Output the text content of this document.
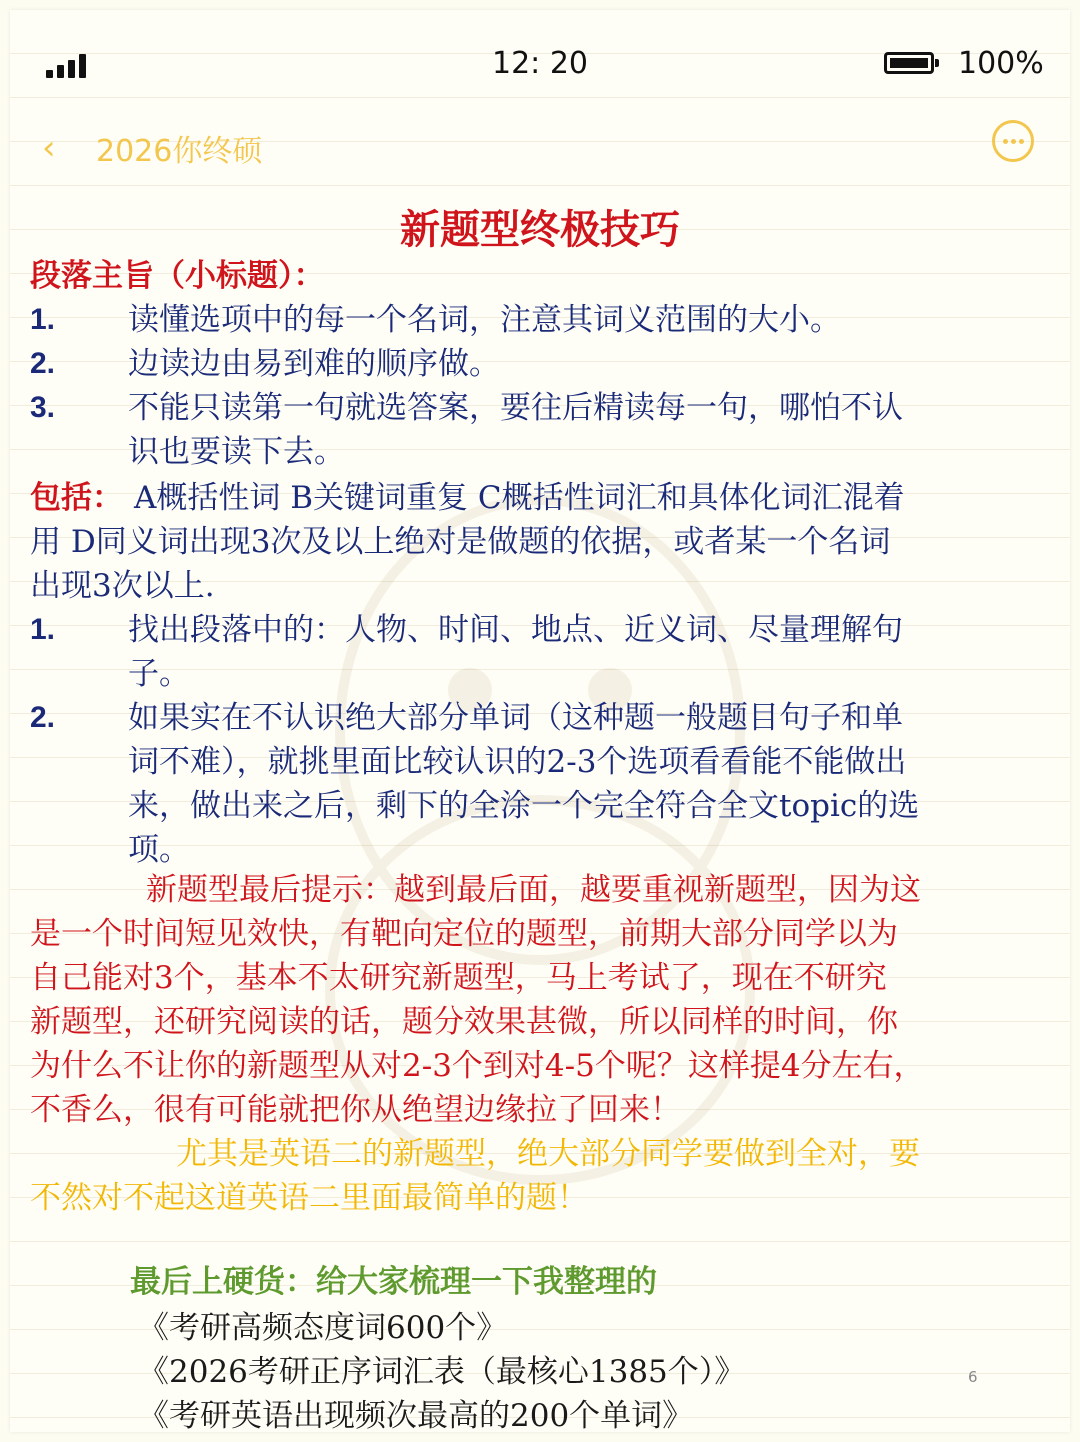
12: 20	100%
‹ 2026你终硕
新题型终极技巧
段落主旨（小标题）：
1. 读懂选项中的每一个名词，注意其词义范围的大小。
2. 边读边由易到难的顺序做。
3. 不能只读第一句就选答案，要往后精读每一句，哪怕不认
识也要读下去。
包括： A概括性词 B关键词重复 C概括性词汇和具体化词汇混着
用 D同义词出现3次及以上绝对是做题的依据，或者某一个名词
出现3次以上.
1. 找出段落中的：人物、时间、地点、近义词、尽量理解句
子。
2. 如果实在不认识绝大部分单词（这种题一般题目句子和单
词不难），就挑里面比较认识的2-3个选项看看能不能做出
来，做出来之后，剩下的全涂一个完全符合全文topic的选
项。
新题型最后提示：越到最后面，越要重视新题型，因为这
是一个时间短见效快，有靶向定位的题型，前期大部分同学以为
自己能对3个，基本不太研究新题型，马上考试了，现在不研究
新题型，还研究阅读的话，题分效果甚微，所以同样的时间，你
为什么不让你的新题型从对2-3个到对4-5个呢？这样提4分左右，
不香么，很有可能就把你从绝望边缘拉了回来！
尤其是英语二的新题型，绝大部分同学要做到全对，要
不然对不起这道英语二里面最简单的题！
最后上硬货：给大家梳理一下我整理的
《考研高频态度词600个》
《2026考研正序词汇表（最核心1385个）》
《考研英语出现频次最高的200个单词》
6
